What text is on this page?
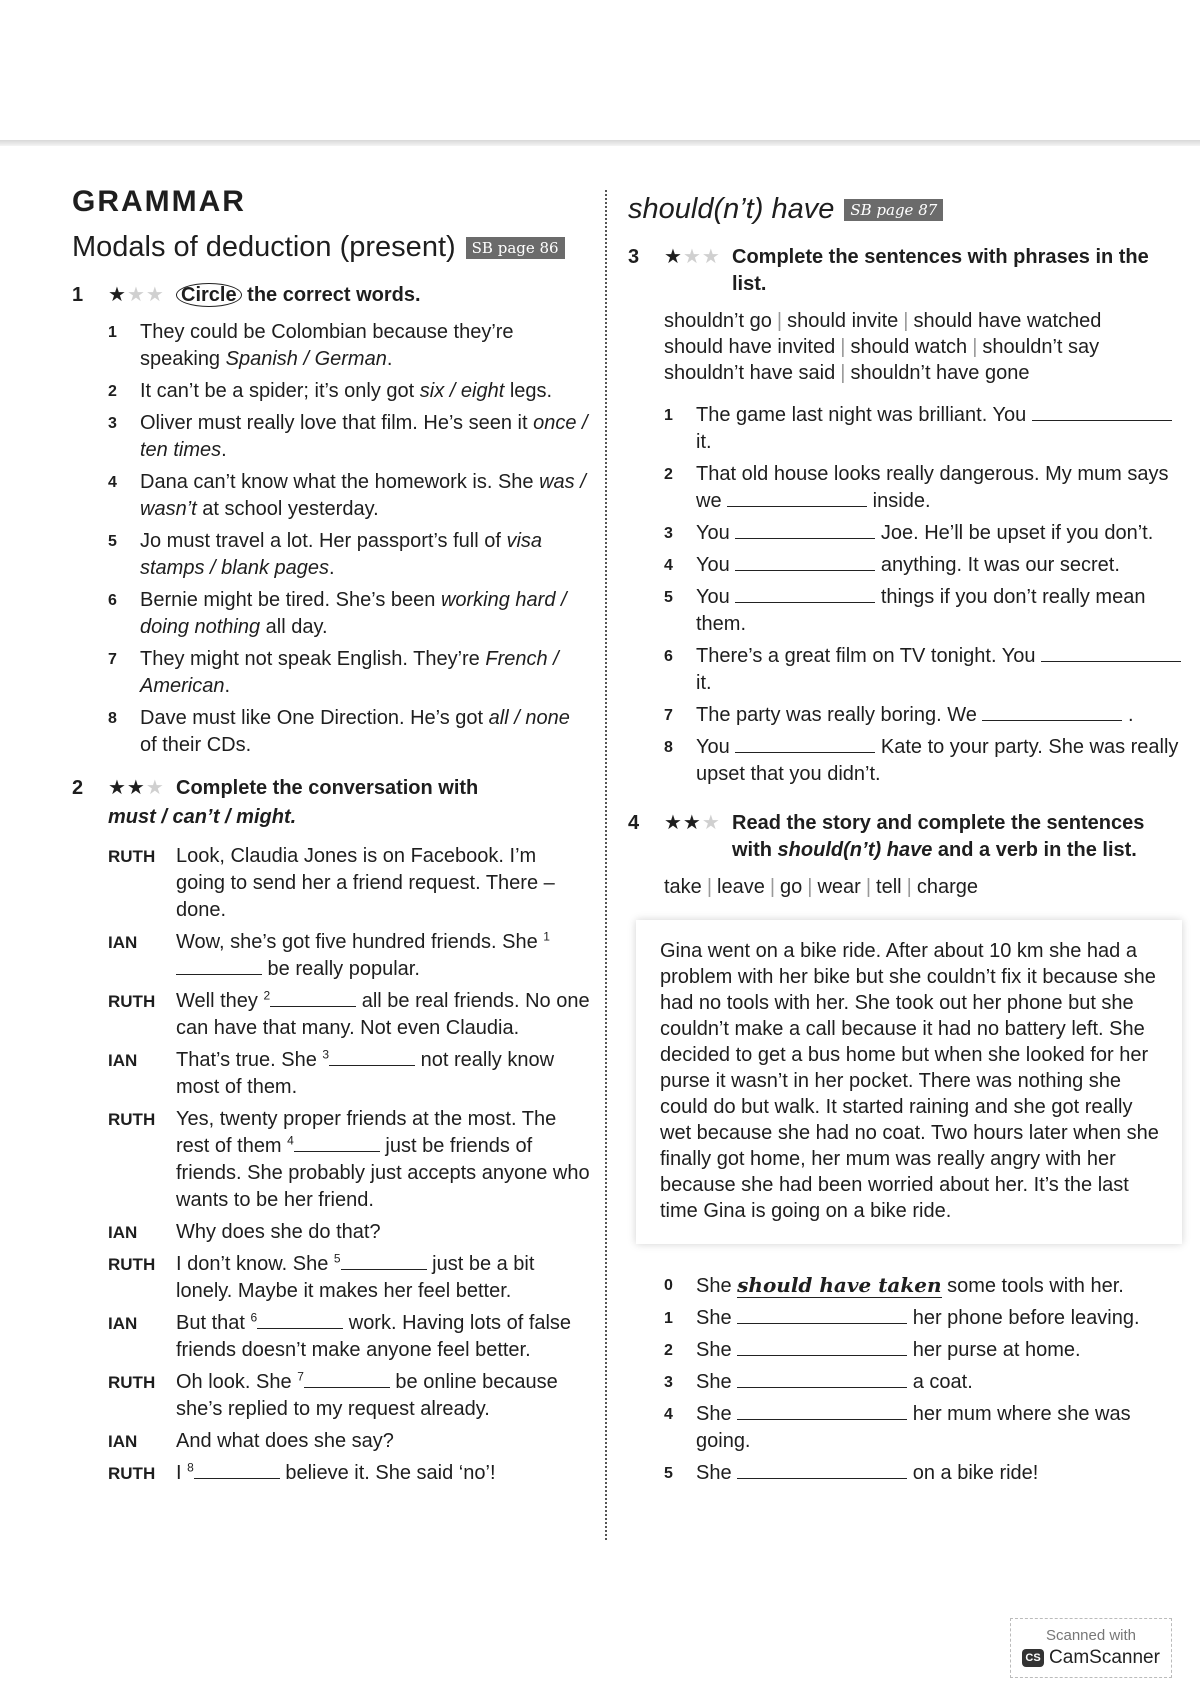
GRAMMAR
Modals of deduction (present) SB page 86
1	★★★ Circle the correct words.
1	They could be Colombian because they’re speaking Spanish / German.
2	It can’t be a spider; it’s only got six / eight legs.
3	Oliver must really love that film. He’s seen it once / ten times.
4	Dana can’t know what the homework is. She was / wasn’t at school yesterday.
5	Jo must travel a lot. Her passport’s full of visa stamps / blank pages.
6	Bernie might be tired. She’s been working hard / doing nothing all day.
7	They might not speak English. They’re French / American.
8	Dave must like One Direction. He’s got all / none of their CDs.
2	★★★ Complete the conversation with
must / can’t / might.
RUTH	Look, Claudia Jones is on Facebook. I’m going to send her a friend request. There – done.
IAN	Wow, she’s got five hundred friends. She $^1$ be really popular.
RUTH	Well they $^2$	all be real friends. No one can have that many. Not even Claudia.
IAN	That’s true. She $^3$	not really know most of them.
RUTH	Yes, twenty proper friends at the most. The rest of them $^4$	just be friends of friends. She probably just accepts anyone who wants to be her friend.
IAN	Why does she do that?
RUTH	I don’t know. She $^5$	just be a bit lonely. Maybe it makes her feel better.
IAN	But that $^6$	work. Having lots of false friends doesn’t make anyone feel better.
RUTH	Oh look. She $^7$	be online because she’s replied to my request already.
IAN	And what does she say?
RUTH	I $^8$	believe it. She said ‘no’!
should(n’t) have SB page 87
3	★★★ Complete the sentences with phrases in the list.
shouldn’t go | should invite | should have watched
should have invited | should watch | shouldn’t say
shouldn’t have said | shouldn’t have gone
1	The game last night was brilliant. You  it.
2	That old house looks really dangerous. My mum says we	inside.
3	You	Joe. He’ll be upset if you don’t.
4	You	anything. It was our secret.
5	You	things if you don’t really mean them.
6	There’s a great film on TV tonight. You  it.
7	The party was really boring. We	.
8	You	Kate to your party. She was really upset that you didn’t.
4	★★★ Read the story and complete the sentences with should(n’t) have and a verb in the list.
take | leave | go | wear | tell | charge
Gina went on a bike ride. After about 10 km she had a problem with her bike but she couldn’t fix it because she had no tools with her. She took out her phone but she couldn’t make a call because it had no battery left. She decided to get a bus home but when she looked for her purse it wasn’t in her pocket. There was nothing she could do but walk. It started raining and she got really wet because she had no coat. Two hours later when she finally got home, her mum was really angry with her because she had been worried about her. It’s the last time Gina is going on a bike ride.
0	She should have taken some tools with her.
1	She	her phone before leaving.
2	She	her purse at home.
3	She	a coat.
4	She	her mum where she was going.
5	She	on a bike ride!
Scanned with
CS CamScanner
